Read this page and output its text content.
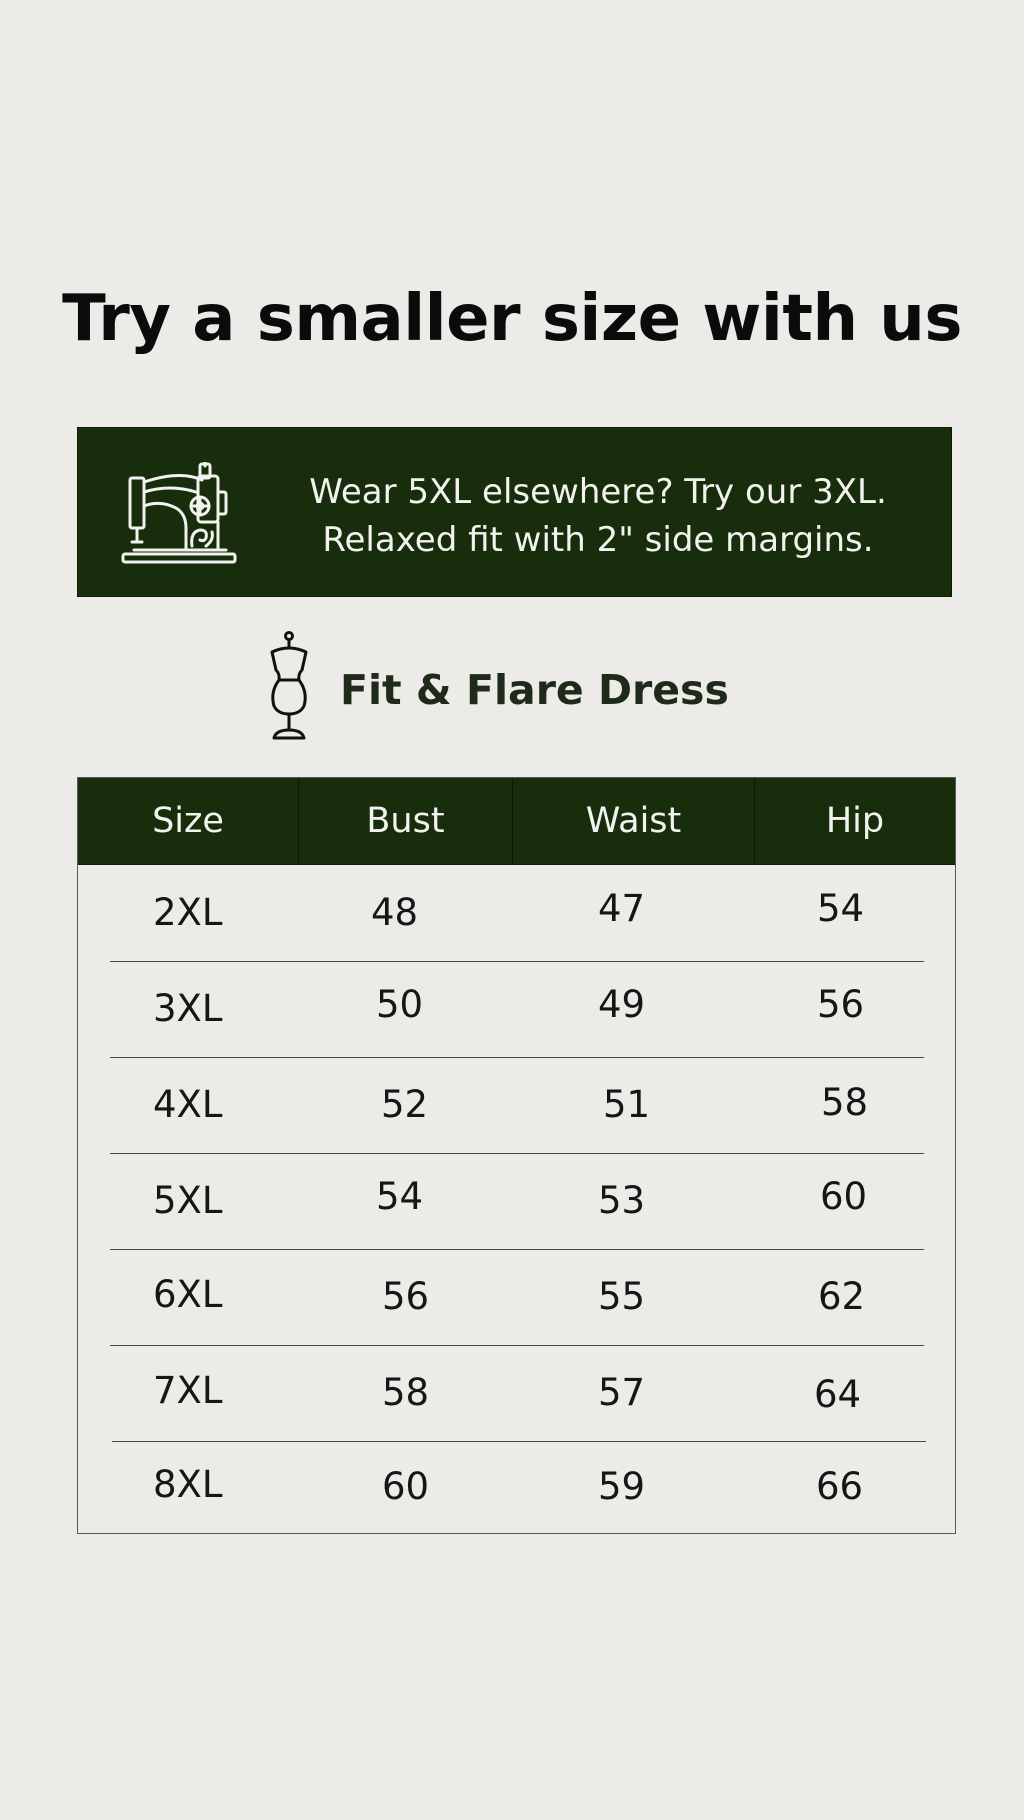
Try a smaller size with us
Wear 5XL elsewhere? Try our 3XL.
Relaxed fit with 2" side margins.
Fit & Flare Dress
Size	Bust	Waist	Hip
2XL	48	47	54
3XL	50	49	56
4XL	52	51	58
5XL	54	53	60
6XL	56	55	62
7XL	58	57	64
8XL	60	59	66
